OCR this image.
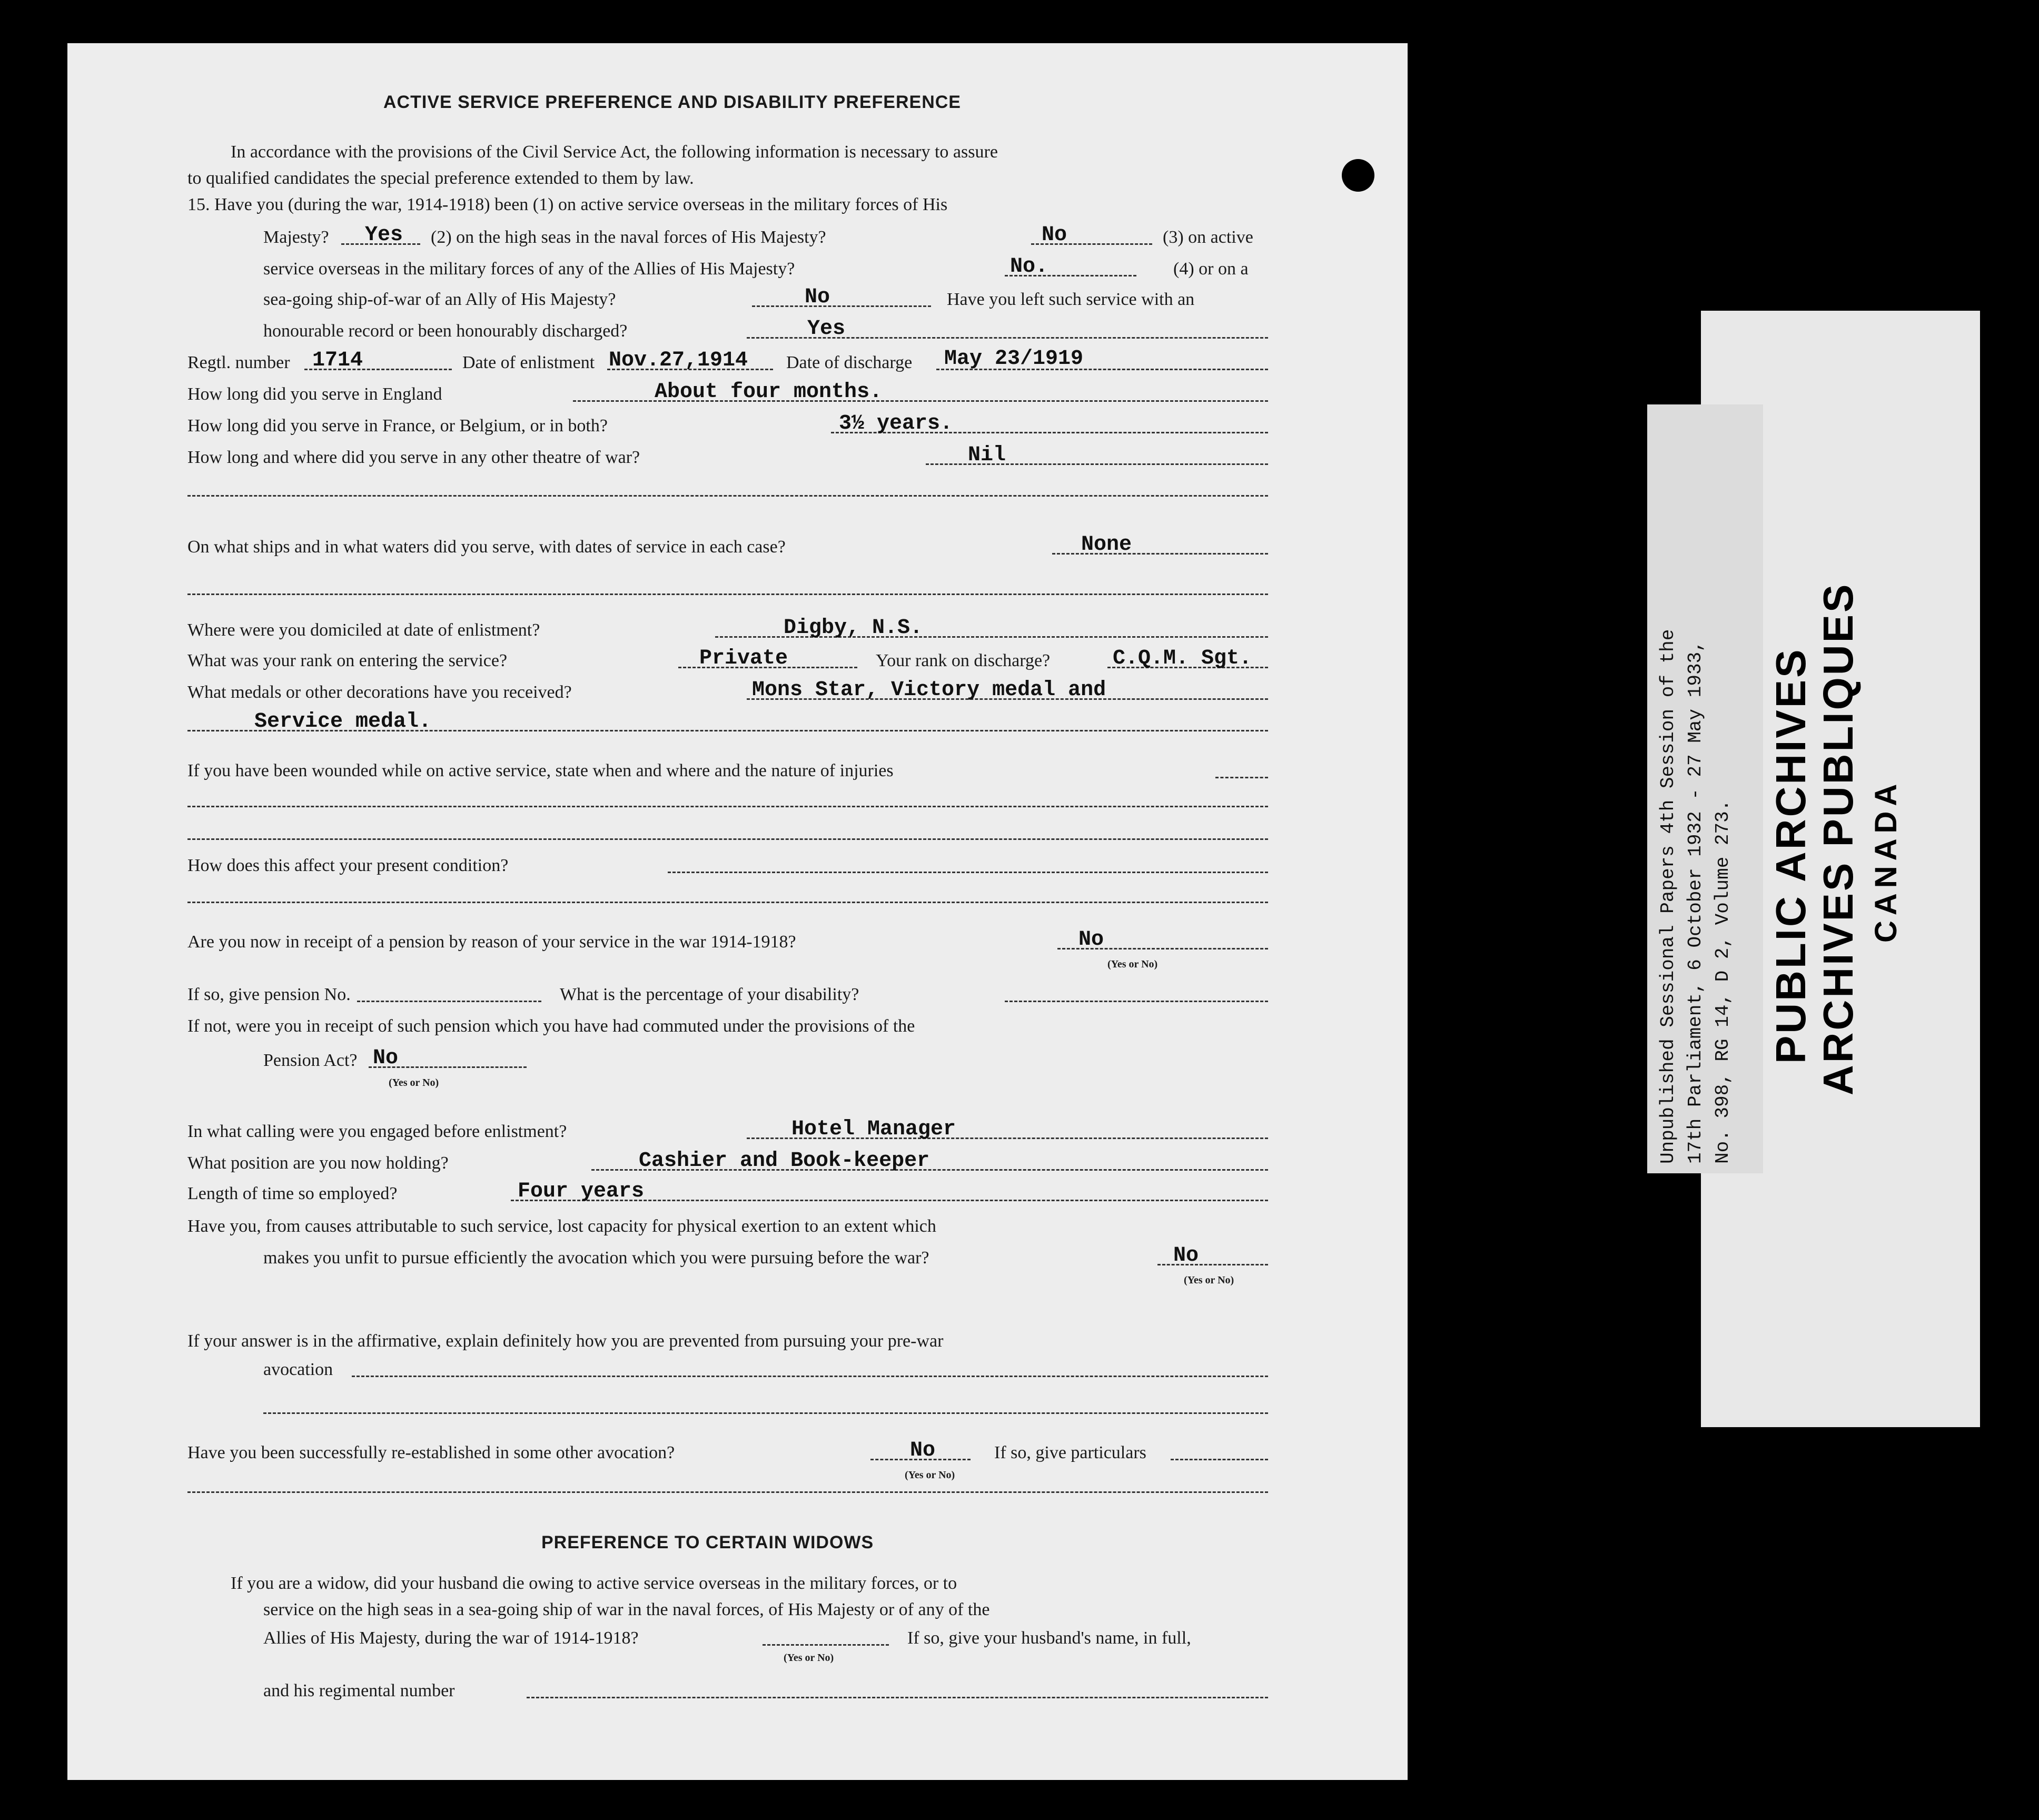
ACTIVE SERVICE PREFERENCE AND DISABILITY PREFERENCE
In accordance with the provisions of the Civil Service Act, the following information is necessary to assure
to qualified candidates the special preference extended to them by law.
15. Have you (during the war, 1914-1918) been (1) on active service overseas in the military forces of His
Majesty? Yes (2) on the high seas in the naval forces of His Majesty?	No	(3) on active
service overseas in the military forces of any of the Allies of His Majesty?	No.	(4) or on a
sea-going ship-of-war of an Ally of His Majesty?	No	Have you left such service with an
honourable record or been honourably discharged?	Yes
Regtl. number 1714	Date of enlistment Nov.27,1914 Date of discharge May 23/1919
How long did you serve in England	About four months.
How long did you serve in France, or Belgium, or in both?	3½ years.
How long and where did you serve in any other theatre of war?	Nil
On what ships and in what waters did you serve, with dates of service in each case?	None
Where were you domiciled at date of enlistment?	Digby, N.S.
What was your rank on entering the service?	Private	Your rank on discharge?	C.Q.M. Sgt.
What medals or other decorations have you received?	Mons Star, Victory medal and
Service medal.
If you have been wounded while on active service, state when and where and the nature of injuries
How does this affect your present condition?
Are you now in receipt of a pension by reason of your service in the war 1914-1918?	No
(Yes or No)
If so, give pension No.	What is the percentage of your disability?
If not, were you in receipt of such pension which you have had commuted under the provisions of the
Pension Act? No
(Yes or No)
In what calling were you engaged before enlistment?	Hotel Manager
What position are you now holding?	Cashier and Book-keeper
Length of time so employed?	Four years
Have you, from causes attributable to such service, lost capacity for physical exertion to an extent which
makes you unfit to pursue efficiently the avocation which you were pursuing before the war?	No
(Yes or No)
If your answer is in the affirmative, explain definitely how you are prevented from pursuing your pre-war
avocation
Have you been successfully re-established in some other avocation?	No
(Yes or No)
If so, give particulars
PREFERENCE TO CERTAIN WIDOWS
If you are a widow, did your husband die owing to active service overseas in the military forces, or to
service on the high seas in a sea-going ship of war in the naval forces, of His Majesty or of any of the
Allies of His Majesty, during the war of 1914-1918?
(Yes or No)
If so, give your husband's name, in full,
and his regimental number
Unpublished Sessional Papers 4th Session of the 17th Parliament, 6 October 1932 - 27 May 1933, No. 398, RG 14, D 2, Volume 273. PUBLIC ARCHIVES ARCHIVES PUBLIQUES CANADA
